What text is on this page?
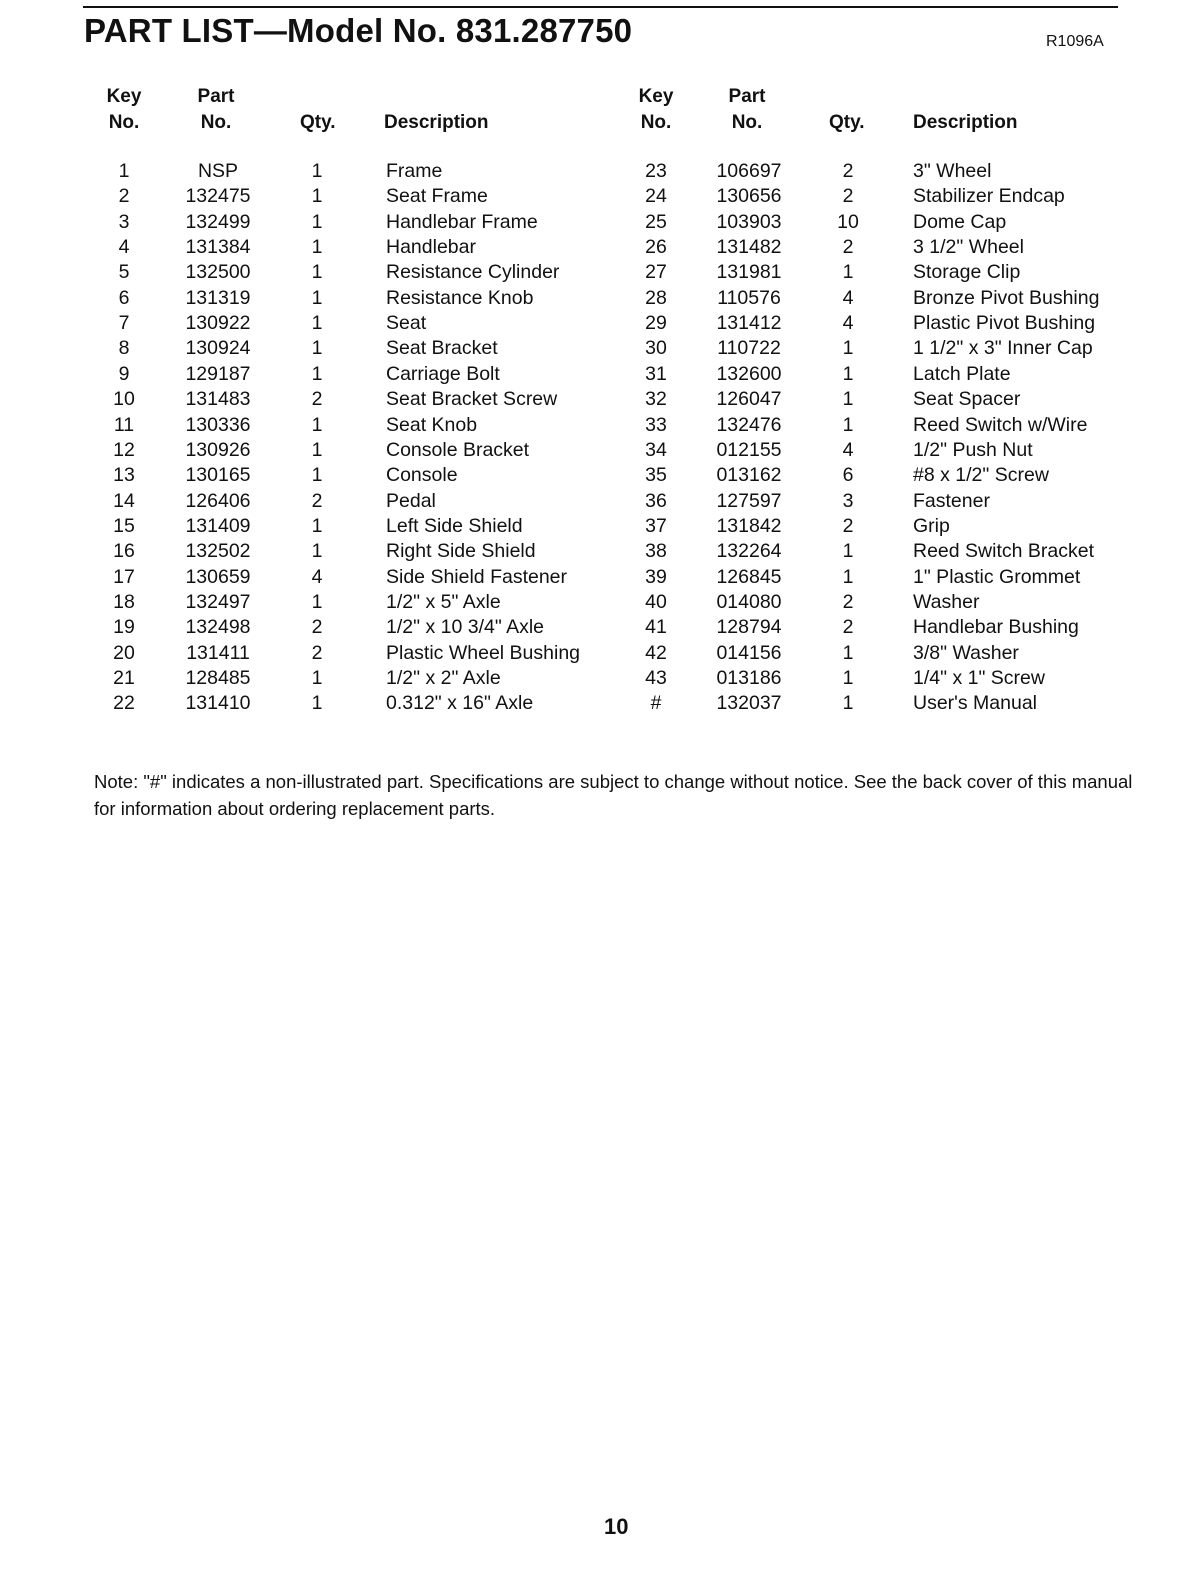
PART LIST—Model No. 831.287750	R1096A
Key
No.
Part
No.	Qty.	Description
Key
No.
Part
No.	Qty.	Description
1	NSP	1	Frame
2	132475	1	Seat Frame
3	132499	1	Handlebar Frame
4	131384	1	Handlebar
5	132500	1	Resistance Cylinder
6	131319	1	Resistance Knob
7	130922	1	Seat
8	130924	1	Seat Bracket
9	129187	1	Carriage Bolt
10	131483	2	Seat Bracket Screw
11	130336	1	Seat Knob
12	130926	1	Console Bracket
13	130165	1	Console
14	126406	2	Pedal
15	131409	1	Left Side Shield
16	132502	1	Right Side Shield
17	130659	4	Side Shield Fastener
18	132497	1	1/2" x 5" Axle
19	132498	2	1/2" x 10 3/4" Axle
20	131411	2	Plastic Wheel Bushing
21	128485	1	1/2" x 2" Axle
22	131410	1	0.312" x 16" Axle
23	106697	2	3" Wheel
24	130656	2	Stabilizer Endcap
25	103903	10	Dome Cap
26	131482	2	3 1/2" Wheel
27	131981	1	Storage Clip
28	110576	4	Bronze Pivot Bushing
29	131412	4	Plastic Pivot Bushing
30	110722	1	1 1/2" x 3" Inner Cap
31	132600	1	Latch Plate
32	126047	1	Seat Spacer
33	132476	1	Reed Switch w/Wire
34	012155	4	1/2" Push Nut
35	013162	6	#8 x 1/2" Screw
36	127597	3	Fastener
37	131842	2	Grip
38	132264	1	Reed Switch Bracket
39	126845	1	1" Plastic Grommet
40	014080	2	Washer
41	128794	2	Handlebar Bushing
42	014156	1	3/8" Washer
43	013186	1	1/4" x 1" Screw
#	132037	1	User's Manual
Note: "#" indicates a non-illustrated part. Specifications are subject to change without notice. See the back cover of this manual for information about ordering replacement parts.
10
